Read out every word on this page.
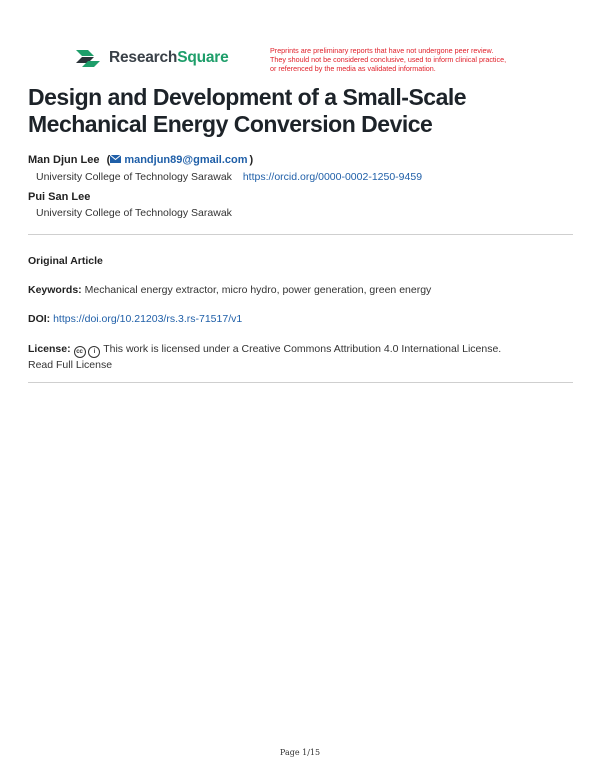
ResearchSquare	Preprints are preliminary reports that have not undergone peer review.
They should not be considered conclusive, used to inform clinical practice,
or referenced by the media as validated information.
Design and Development of a Small-Scale
Mechanical Energy Conversion Device
Man Djun Lee ( mandjun89@gmail.com )
University College of Technology Sarawak https://orcid.org/0000-0002-1250-9459
Pui San Lee
University College of Technology Sarawak
Original Article
Keywords: Mechanical energy extractor, micro hydro, power generation, green energy
DOI: https://doi.org/10.21203/rs.3.rs-71517/v1
License: cc i This work is licensed under a Creative Commons Attribution 4.0 International License.
Read Full License
Page 1/15
